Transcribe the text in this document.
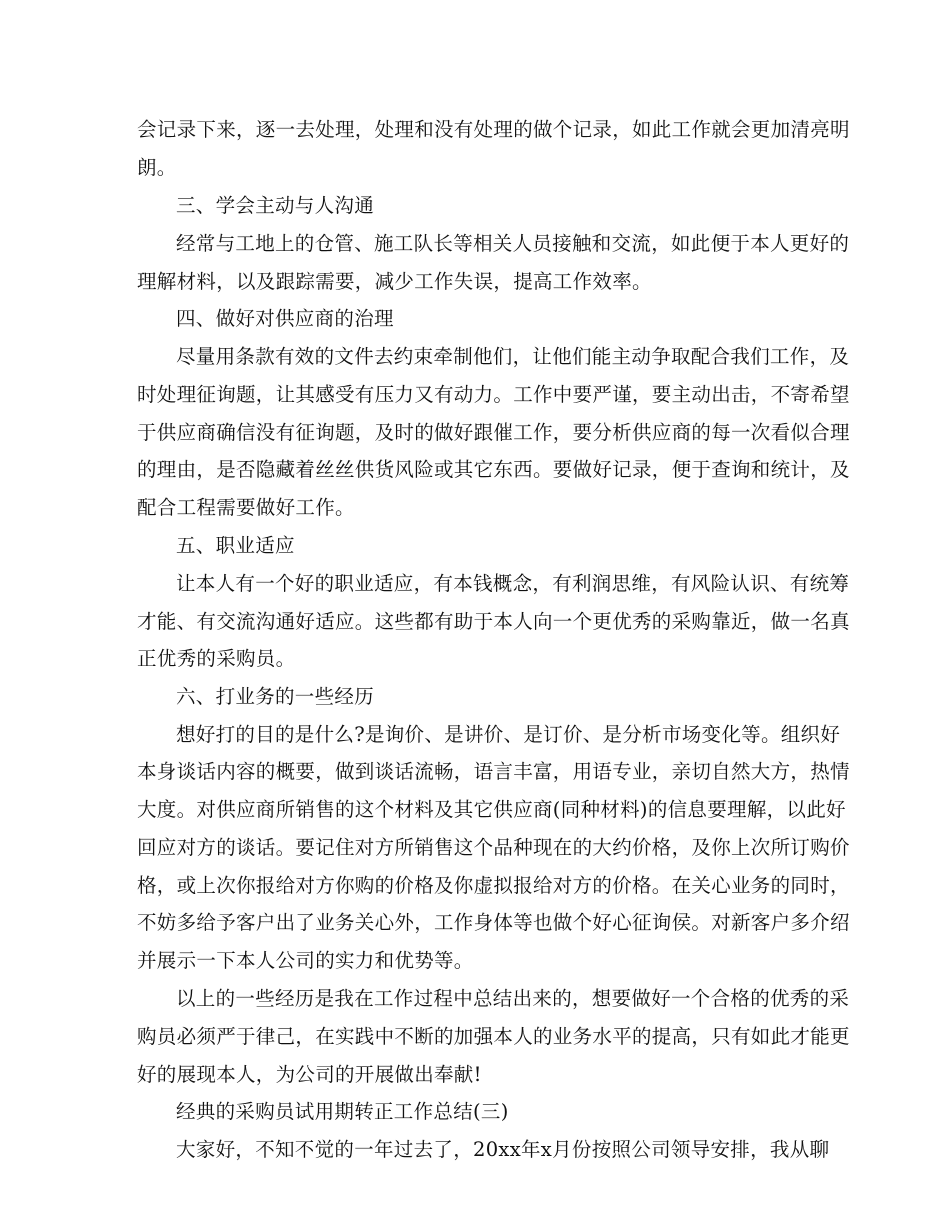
会记录下来，逐一去处理，处理和没有处理的做个记录，如此工作就会更加清亮明
朗。
三、学会主动与人沟通
经常与工地上的仓管、施工队长等相关人员接触和交流，如此便于本人更好的
理解材料，以及跟踪需要，减少工作失误，提高工作效率。
四、做好对供应商的治理
尽量用条款有效的文件去约束牵制他们，让他们能主动争取配合我们工作，及
时处理征询题，让其感受有压力又有动力。工作中要严谨，要主动出击，不寄希望
于供应商确信没有征询题，及时的做好跟催工作，要分析供应商的每一次看似合理
的理由，是否隐藏着丝丝供货风险或其它东西。要做好记录，便于查询和统计，及
配合工程需要做好工作。
五、职业适应
让本人有一个好的职业适应，有本钱概念，有利润思维，有风险认识、有统筹
才能、有交流沟通好适应。这些都有助于本人向一个更优秀的采购靠近，做一名真
正优秀的采购员。
六、打业务的一些经历
想好打的目的是什么?是询价、是讲价、是订价、是分析市场变化等。组织好
本身谈话内容的概要，做到谈话流畅，语言丰富，用语专业，亲切自然大方，热情
大度。对供应商所销售的这个材料及其它供应商(同种材料)的信息要理解，以此好
回应对方的谈话。要记住对方所销售这个品种现在的大约价格，及你上次所订购价
格，或上次你报给对方你购的价格及你虚拟报给对方的价格。在关心业务的同时，
不妨多给予客户出了业务关心外，工作身体等也做个好心征询侯。对新客户多介绍
并展示一下本人公司的实力和优势等。
以上的一些经历是我在工作过程中总结出来的，想要做好一个合格的优秀的采
购员必须严于律己，在实践中不断的加强本人的业务水平的提高，只有如此才能更
好的展现本人，为公司的开展做出奉献!
经典的采购员试用期转正工作总结(三)
大家好，不知不觉的一年过去了，20xx年x月份按照公司领导安排，我从聊
